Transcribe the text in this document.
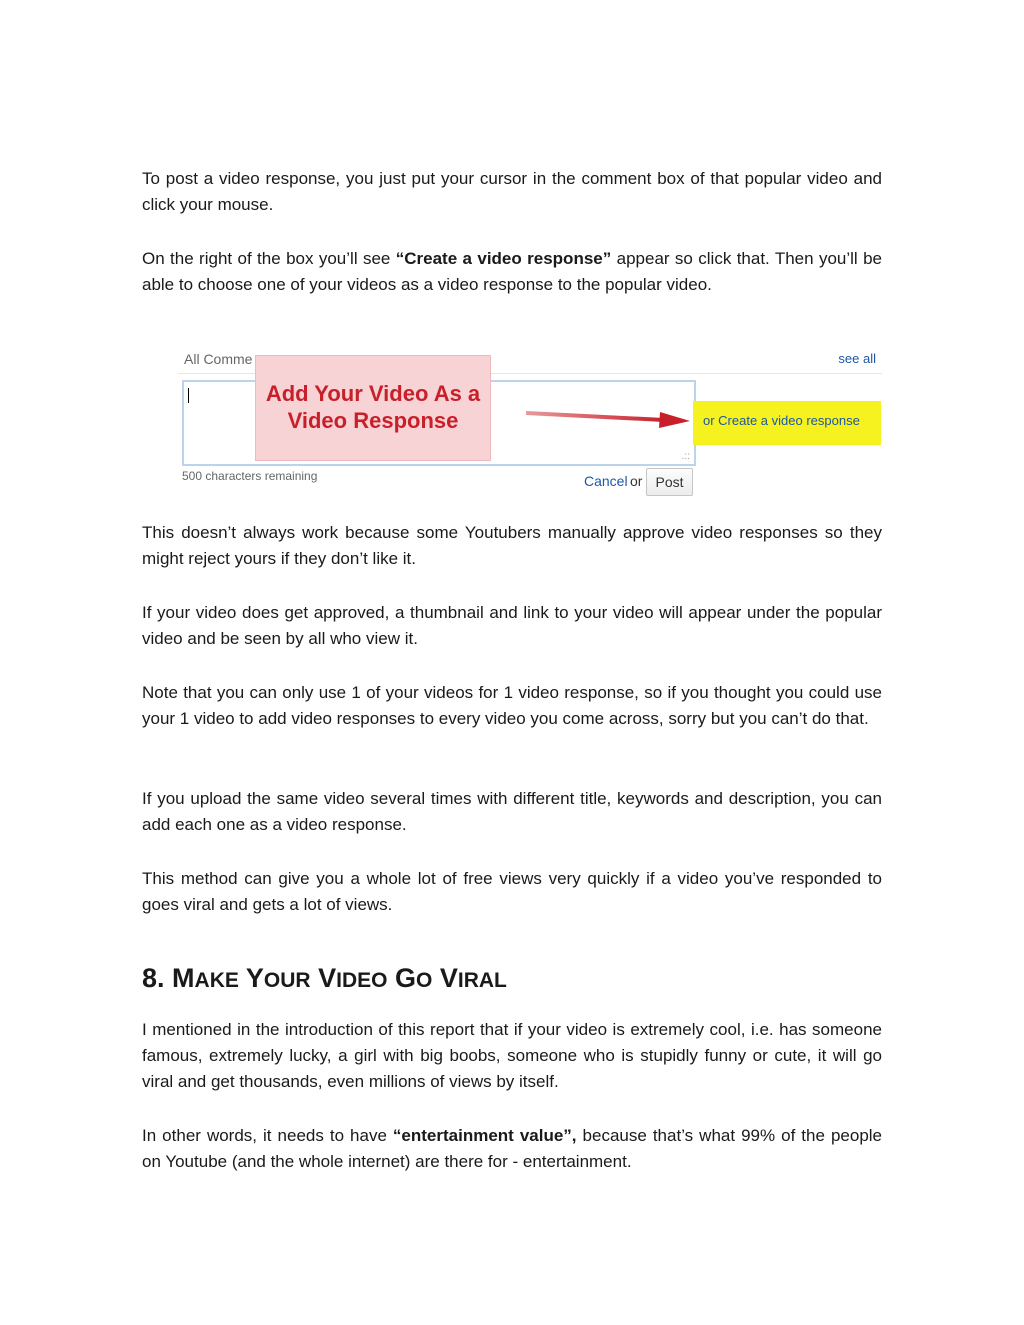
To post a video response, you just put your cursor in the comment box of that popular video and click your mouse.

On the right of the box you’ll see “Create a video response” appear so click that. Then you’ll be able to choose one of your videos as a video response to the popular video.

All Comme	see all
.::
Add Your Video As a Video Response	or Create a video response
500 characters remaining	Cancel or Post

This doesn’t always work because some Youtubers manually approve video responses so they might reject yours if they don’t like it.

If your video does get approved, a thumbnail and link to your video will appear under the popular video and be seen by all who view it.

Note that you can only use 1 of your videos for 1 video response, so if you thought you could use your 1 video to add video responses to every video you come across, sorry but you can’t do that.

If you upload the same video several times with different title, keywords and description, you can add each one as a video response.

This method can give you a whole lot of free views very quickly if a video you’ve responded to goes viral and gets a lot of views.

8. MAKE YOUR VIDEO GO VIRAL

I mentioned in the introduction of this report that if your video is extremely cool, i.e. has someone famous, extremely lucky, a girl with big boobs, someone who is stupidly funny or cute, it will go viral and get thousands, even millions of views by itself.

In other words, it needs to have “entertainment value”, because that’s what 99% of the people on Youtube (and the whole internet) are there for - entertainment.
